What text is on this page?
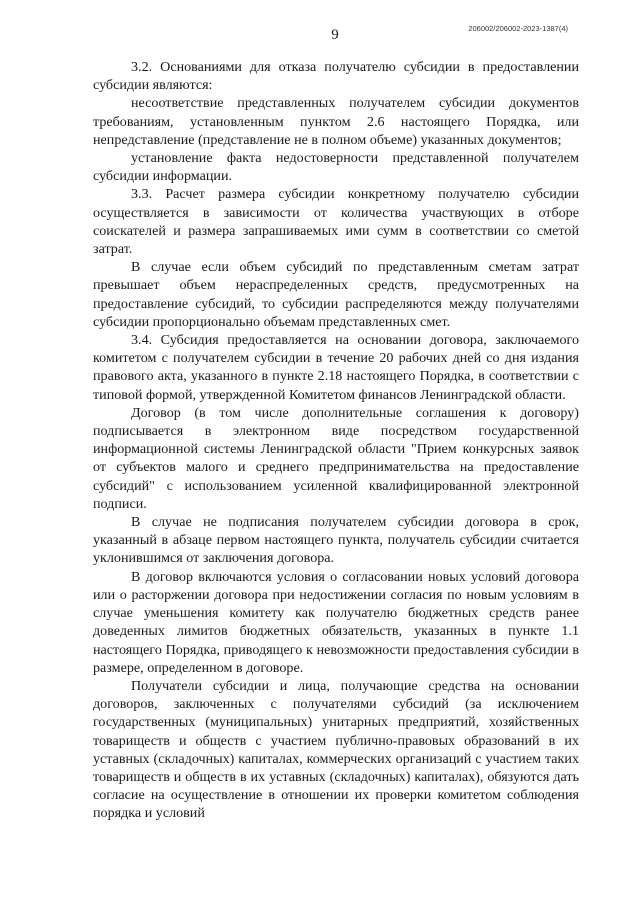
9	206002/206002-2023-1387(4)

3.2. Основаниями для отказа получателю субсидии в предоставлении субсидии являются:

несоответствие представленных получателем субсидии документов требованиям, установленным пунктом 2.6 настоящего Порядка, или непредставление (представление не в полном объеме) указанных документов;

установление факта недостоверности представленной получателем субсидии информации.

3.3. Расчет размера субсидии конкретному получателю субсидии осуществляется в зависимости от количества участвующих в отборе соискателей и размера запрашиваемых ими сумм в соответствии со сметой затрат.

В случае если объем субсидий по представленным сметам затрат превышает объем нераспределенных средств, предусмотренных на предоставление субсидий, то субсидии распределяются между получателями субсидии пропорционально объемам представленных смет.

3.4. Субсидия предоставляется на основании договора, заключаемого комитетом с получателем субсидии в течение 20 рабочих дней со дня издания правового акта, указанного в пункте 2.18 настоящего Порядка, в соответствии с типовой формой, утвержденной Комитетом финансов Ленинградской области.

Договор (в том числе дополнительные соглашения к договору) подписывается в электронном виде посредством государственной информационной системы Ленинградской области "Прием конкурсных заявок от субъектов малого и среднего предпринимательства на предоставление субсидий" с использованием усиленной квалифицированной электронной подписи.

В случае не подписания получателем субсидии договора в срок, указанный в абзаце первом настоящего пункта, получатель субсидии считается уклонившимся от заключения договора.

В договор включаются условия о согласовании новых условий договора или о расторжении договора при недостижении согласия по новым условиям в случае уменьшения комитету как получателю бюджетных средств ранее доведенных лимитов бюджетных обязательств, указанных в пункте 1.1 настоящего Порядка, приводящего к невозможности предоставления субсидии в размере, определенном в договоре.

Получатели субсидии и лица, получающие средства на основании договоров, заключенных с получателями субсидий (за исключением государственных (муниципальных) унитарных предприятий, хозяйственных товариществ и обществ с участием публично-правовых образований в их уставных (складочных) капиталах, коммерческих организаций с участием таких товариществ и обществ в их уставных (складочных) капиталах), обязуются дать согласие на осуществление в отношении их проверки комитетом соблюдения порядка и условий
